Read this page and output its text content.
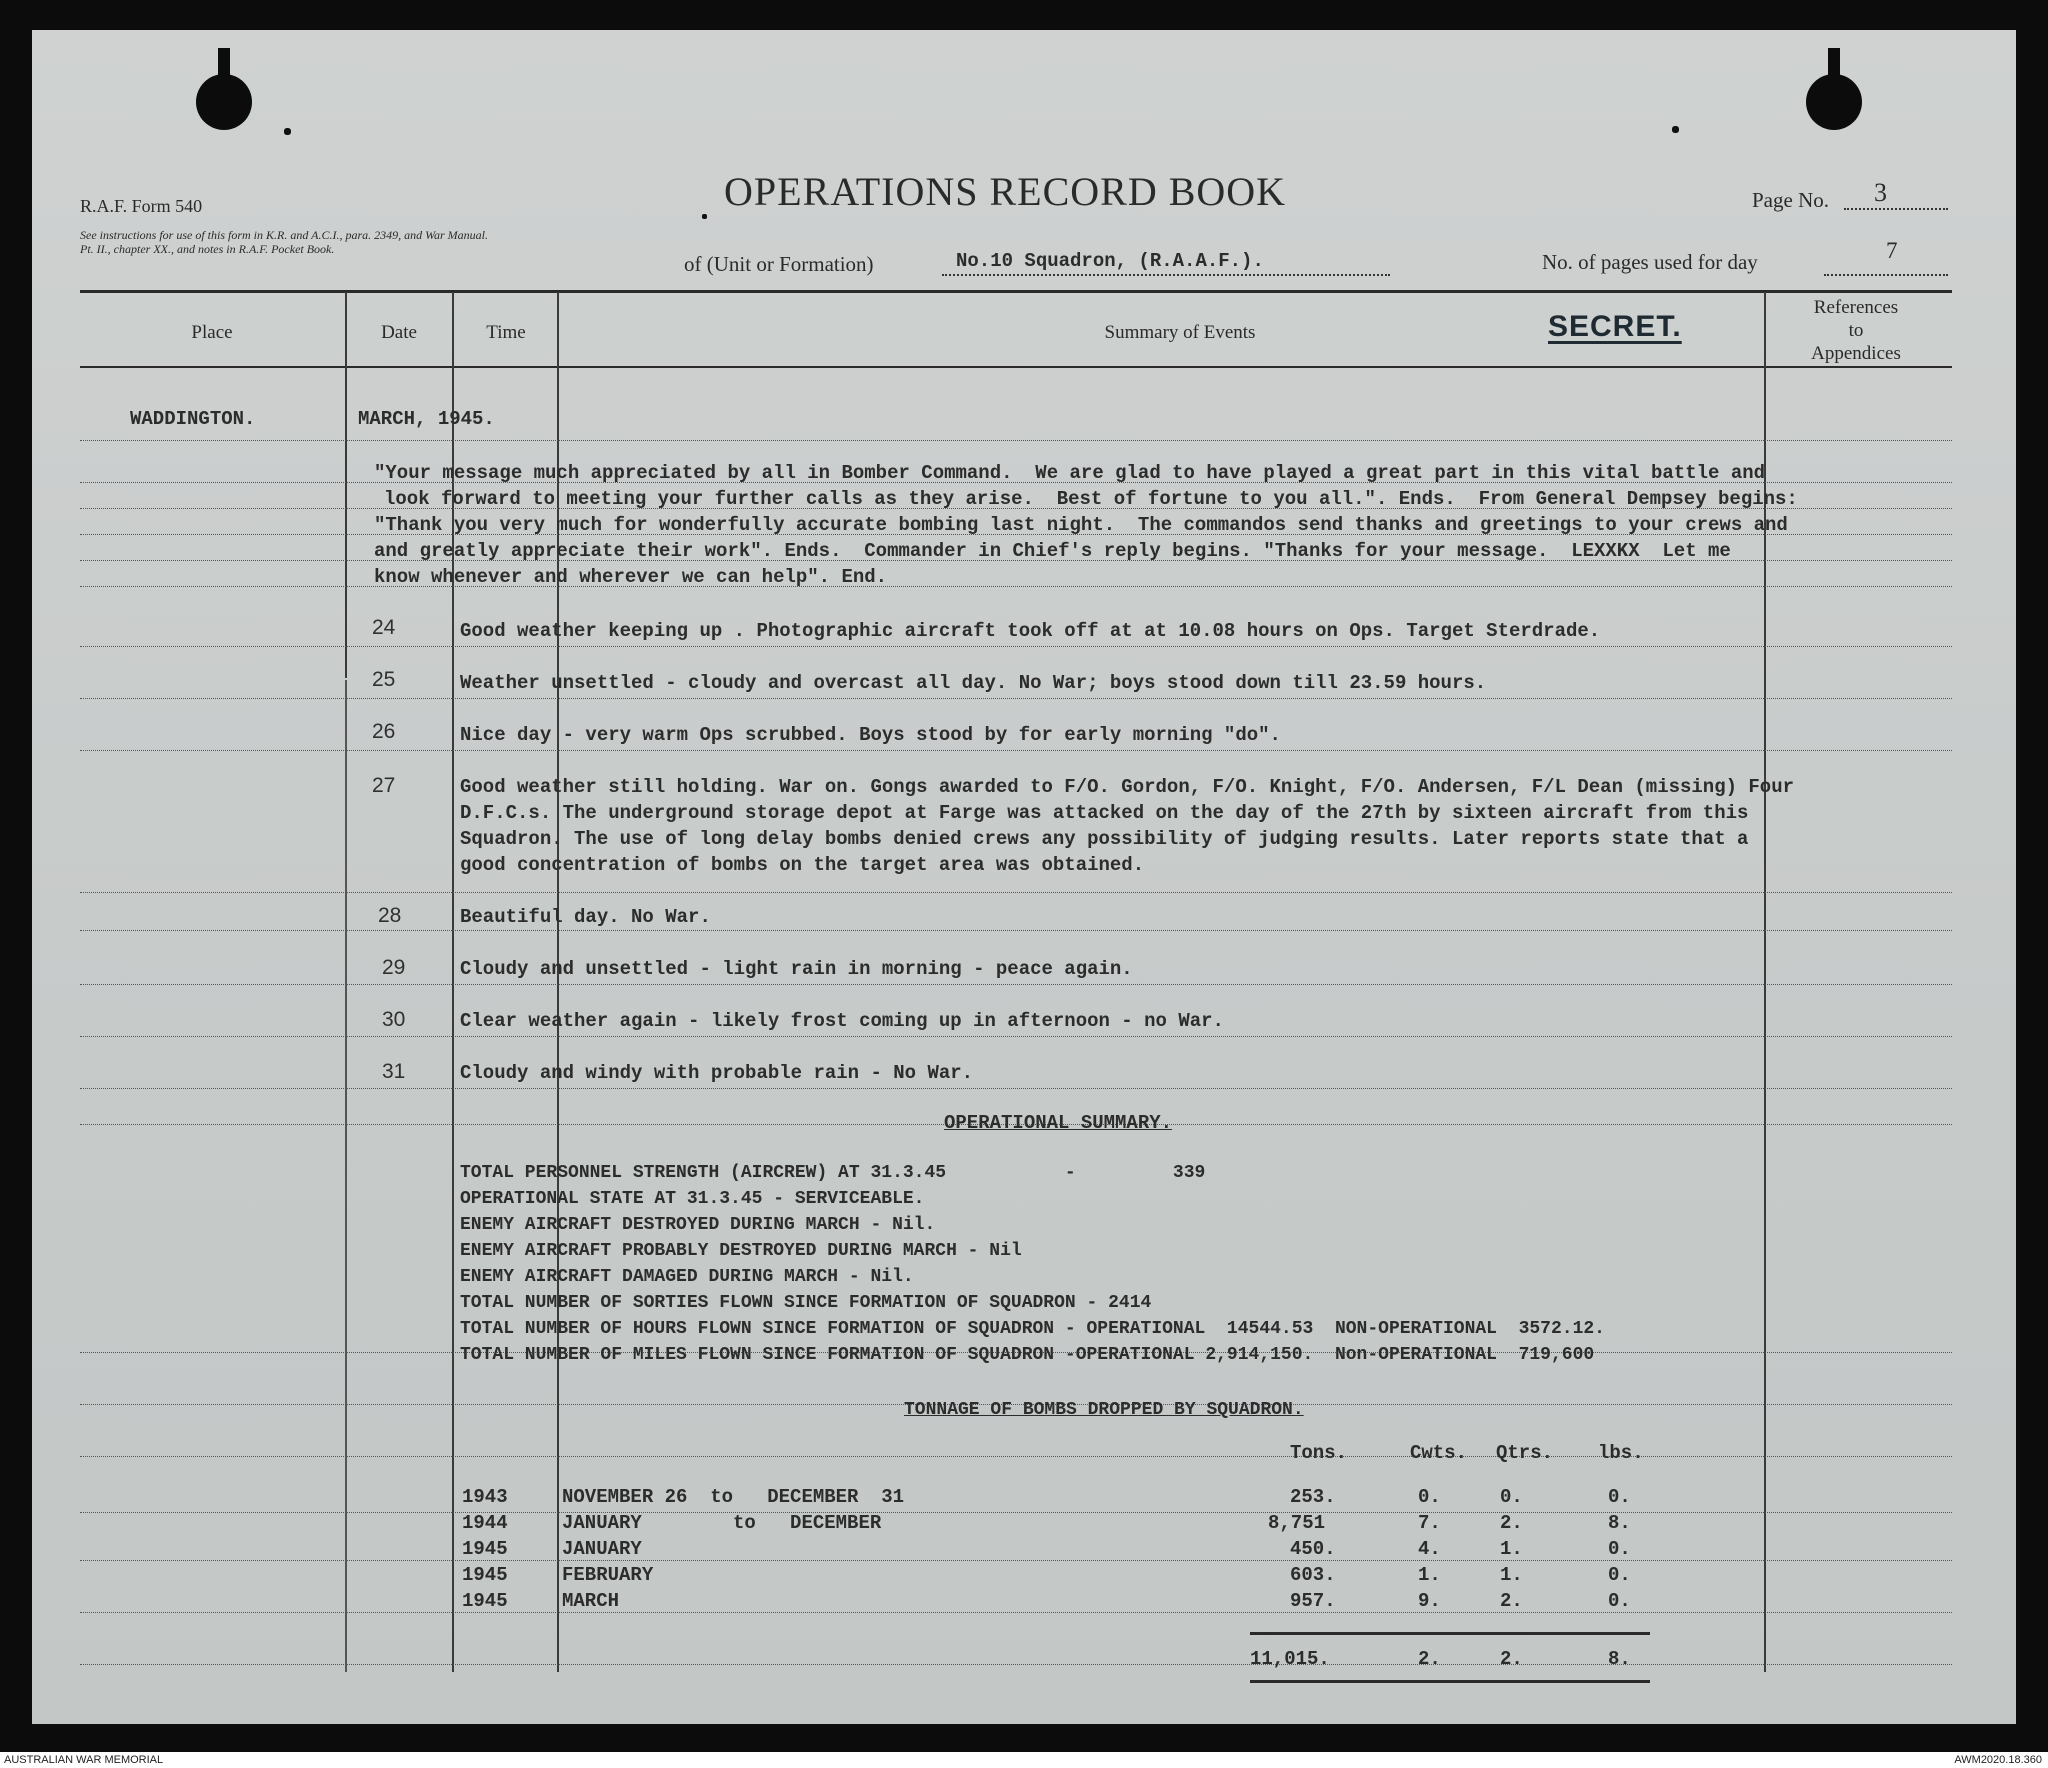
R.A.F. Form 540
See instructions for use of this form in K.R. and A.C.I., para. 2349, and War Manual. Pt. II., chapter XX., and notes in R.A.F. Pocket Book.
OPERATIONS RECORD BOOK	Page No. 3
of (Unit or Formation)	No.10 Squadron, (R.A.A.F.).	No. of pages used for day	7
Place	Date	Time	Summary of Events	SECRET.
References
to
Appendices
WADDINGTON.	MARCH, 1945.
"Your message much appreciated by all in Bomber Command.  We are glad to have played a great part in this vital battle and
look forward to meeting your further calls as they arise.  Best of fortune to you all.". Ends.  From General Dempsey begins:
"Thank you very much for wonderfully accurate bombing last night.  The commandos send thanks and greetings to your crews and
and greatly appreciate their work". Ends.  Commander in Chief's reply begins. "Thanks for your message.  LEXXKX  Let me
know whenever and wherever we can help". End.
24	Good weather keeping up . Photographic aircraft took off at at 10.08 hours on Ops. Target Sterdrade.
25	Weather unsettled - cloudy and overcast all day. No War; boys stood down till 23.59 hours.
26	Nice day - very warm Ops scrubbed. Boys stood by for early morning "do".
27	Good weather still holding. War on. Gongs awarded to F/O. Gordon, F/O. Knight, F/O. Andersen, F/L Dean (missing) Four
D.F.C.s. The underground storage depot at Farge was attacked on the day of the 27th by sixteen aircraft from this
Squadron. The use of long delay bombs denied crews any possibility of judging results. Later reports state that a
good concentration of bombs on the target area was obtained.
28	Beautiful day. No War.
29	Cloudy and unsettled - light rain in morning - peace again.
30	Clear weather again - likely frost coming up in afternoon - no War.
31	Cloudy and windy with probable rain - No War.
OPERATIONAL SUMMARY.
TOTAL PERSONNEL STRENGTH (AIRCREW) AT 31.3.45           -         339
OPERATIONAL STATE AT 31.3.45 - SERVICEABLE.
ENEMY AIRCRAFT DESTROYED DURING MARCH - Nil.
ENEMY AIRCRAFT PROBABLY DESTROYED DURING MARCH - Nil
ENEMY AIRCRAFT DAMAGED DURING MARCH - Nil.
TOTAL NUMBER OF SORTIES FLOWN SINCE FORMATION OF SQUADRON - 2414
TOTAL NUMBER OF HOURS FLOWN SINCE FORMATION OF SQUADRON - OPERATIONAL  14544.53  NON-OPERATIONAL  3572.12.
TOTAL NUMBER OF MILES FLOWN SINCE FORMATION OF SQUADRON -OPERATIONAL 2,914,150.  Non-OPERATIONAL  719,600
TONNAGE OF BOMBS DROPPED BY SQUADRON.
Tons.	Cwts. Qtrs. lbs.
1943	NOVEMBER 26  to   DECEMBER  31	253.	0.	0.	0.
1944	JANUARY        to   DECEMBER	8,751	7.	2.	8.
1945	JANUARY	450.	4.	1.	0.
1945	FEBRUARY	603.	1.	1.	0.
1945	MARCH	957.	9.	2.	0.
11,015.	2.	2.	8.
AUSTRALIAN WAR MEMORIAL	AWM2020.18.360
